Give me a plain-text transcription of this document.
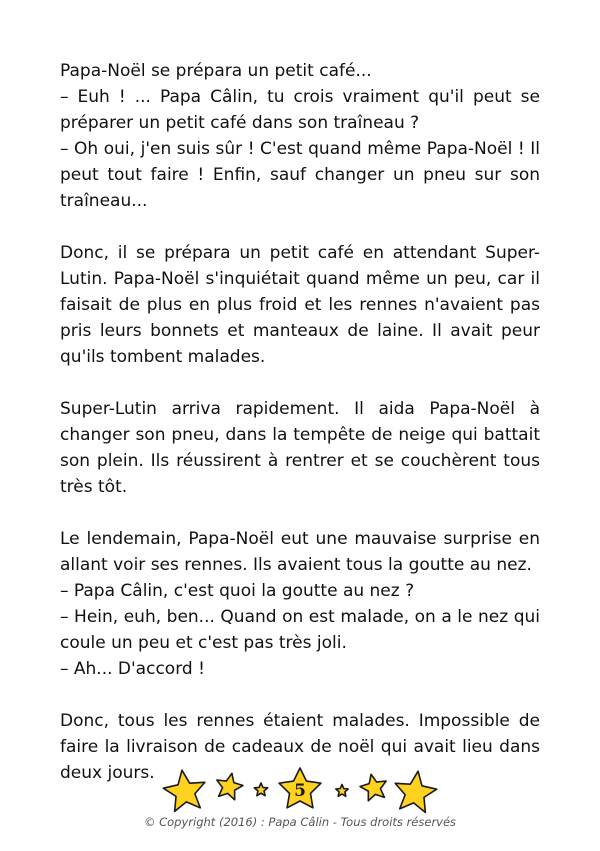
Papa-Noël se prépara un petit café...
– Euh ! ... Papa Câlin, tu crois vraiment qu'il peut se
préparer un petit café dans son traîneau ?
– Oh oui, j'en suis sûr ! C'est quand même Papa-Noël ! Il
peut tout faire ! Enfin, sauf changer un pneu sur son
traîneau...
Donc, il se prépara un petit café en attendant Super-
Lutin. Papa-Noël s'inquiétait quand même un peu, car il
faisait de plus en plus froid et les rennes n'avaient pas
pris leurs bonnets et manteaux de laine. Il avait peur
qu'ils tombent malades.
Super-Lutin arriva rapidement. Il aida Papa-Noël à
changer son pneu, dans la tempête de neige qui battait
son plein. Ils réussirent à rentrer et se couchèrent tous
très tôt.
Le lendemain, Papa-Noël eut une mauvaise surprise en
allant voir ses rennes. Ils avaient tous la goutte au nez.
– Papa Câlin, c'est quoi la goutte au nez ?
– Hein, euh, ben... Quand on est malade, on a le nez qui
coule un peu et c'est pas très joli.
– Ah... D'accord !
Donc, tous les rennes étaient malades. Impossible de
faire la livraison de cadeaux de noël qui avait lieu dans
deux jours.
5
© Copyright (2016) : Papa Câlin - Tous droits réservés
